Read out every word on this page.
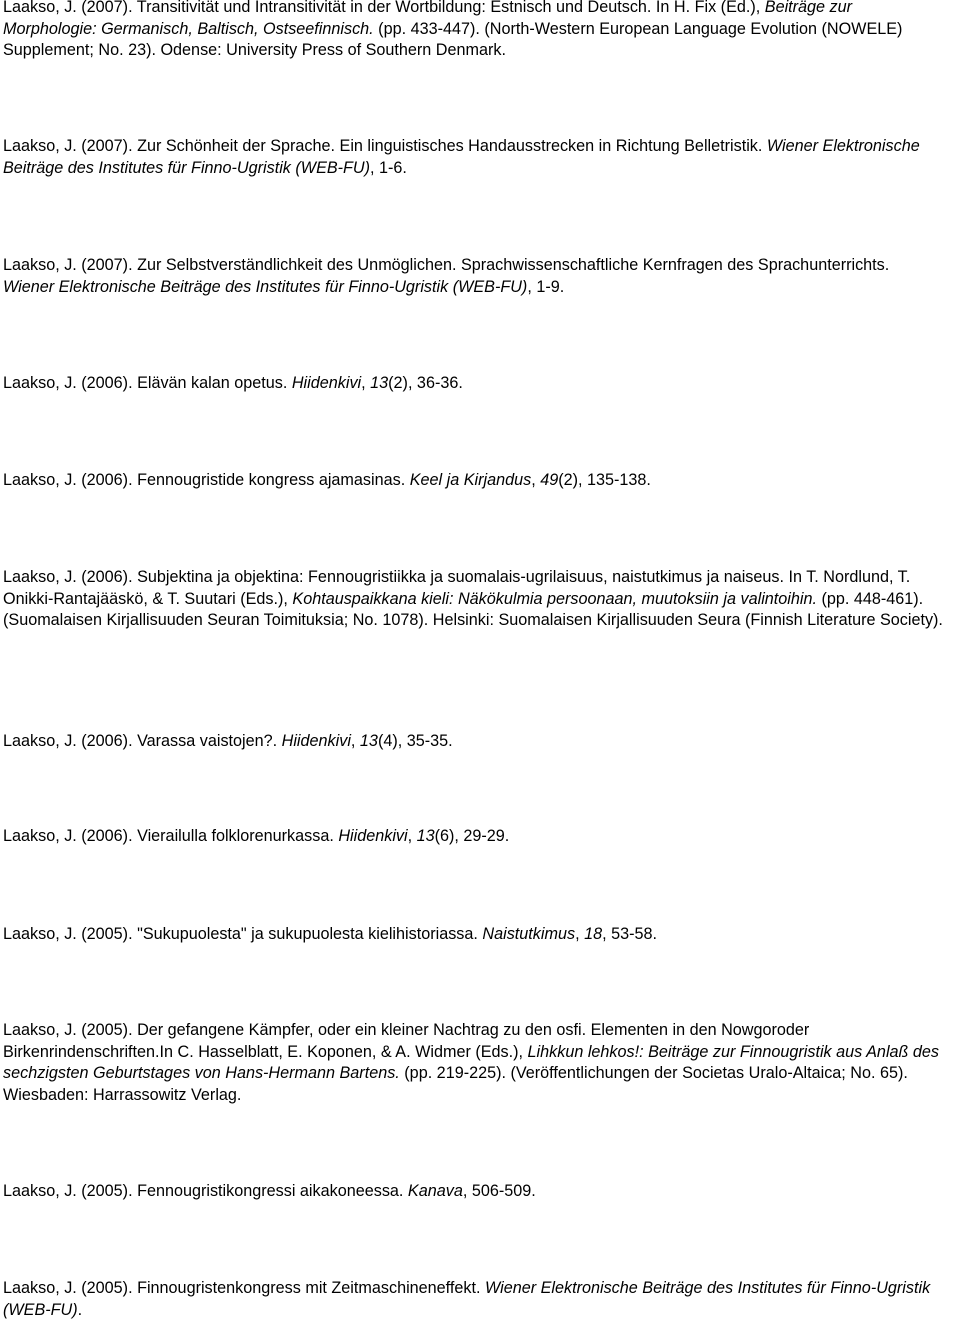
Laakso, J. (2007). Transitivität und Intransitivität in der Wortbildung: Estnisch und Deutsch. In H. Fix (Ed.), Beiträge zur Morphologie: Germanisch, Baltisch, Ostseefinnisch. (pp. 433-447). (North-Western European Language Evolution (NOWELE) Supplement; No. 23). Odense: University Press of Southern Denmark.

Laakso, J. (2007). Zur Schönheit der Sprache. Ein linguistisches Handausstrecken in Richtung Belletristik. Wiener Elektronische Beiträge des Institutes für Finno-Ugristik (WEB-FU), 1-6.

Laakso, J. (2007). Zur Selbstverständlichkeit des Unmöglichen. Sprachwissenschaftliche Kernfragen des Sprachunterrichts. Wiener Elektronische Beiträge des Institutes für Finno-Ugristik (WEB-FU), 1-9.

Laakso, J. (2006). Elävän kalan opetus. Hiidenkivi, 13(2), 36-36.

Laakso, J. (2006). Fennougristide kongress ajamasinas. Keel ja Kirjandus, 49(2), 135-138.

Laakso, J. (2006). Subjektina ja objektina: Fennougristiikka ja suomalais-ugrilaisuus, naistutkimus ja naiseus. In T. Nordlund, T. Onikki-Rantajääskö, & T. Suutari (Eds.), Kohtauspaikkana kieli: Näkökulmia persoonaan, muutoksiin ja valintoihin. (pp. 448-461). (Suomalaisen Kirjallisuuden Seuran Toimituksia; No. 1078). Helsinki: Suomalaisen Kirjallisuuden Seura (Finnish Literature Society).

Laakso, J. (2006). Varassa vaistojen?. Hiidenkivi, 13(4), 35-35.

Laakso, J. (2006). Vierailulla folklorenurkassa. Hiidenkivi, 13(6), 29-29.

Laakso, J. (2005). "Sukupuolesta" ja sukupuolesta kielihistoriassa. Naistutkimus, 18, 53-58.

Laakso, J. (2005). Der gefangene Kämpfer, oder ein kleiner Nachtrag zu den osfi. Elementen in den Nowgoroder Birkenrindenschriften.In C. Hasselblatt, E. Koponen, & A. Widmer (Eds.), Lihkkun lehkos!: Beiträge zur Finnougristik aus Anlaß des sechzigsten Geburtstages von Hans-Hermann Bartens. (pp. 219-225). (Veröffentlichungen der Societas Uralo-Altaica; No. 65). Wiesbaden: Harrassowitz Verlag.

Laakso, J. (2005). Fennougristikongressi aikakoneessa. Kanava, 506-509.

Laakso, J. (2005). Finnougristenkongress mit Zeitmaschineneffekt. Wiener Elektronische Beiträge des Institutes für Finno-Ugristik (WEB-FU).
